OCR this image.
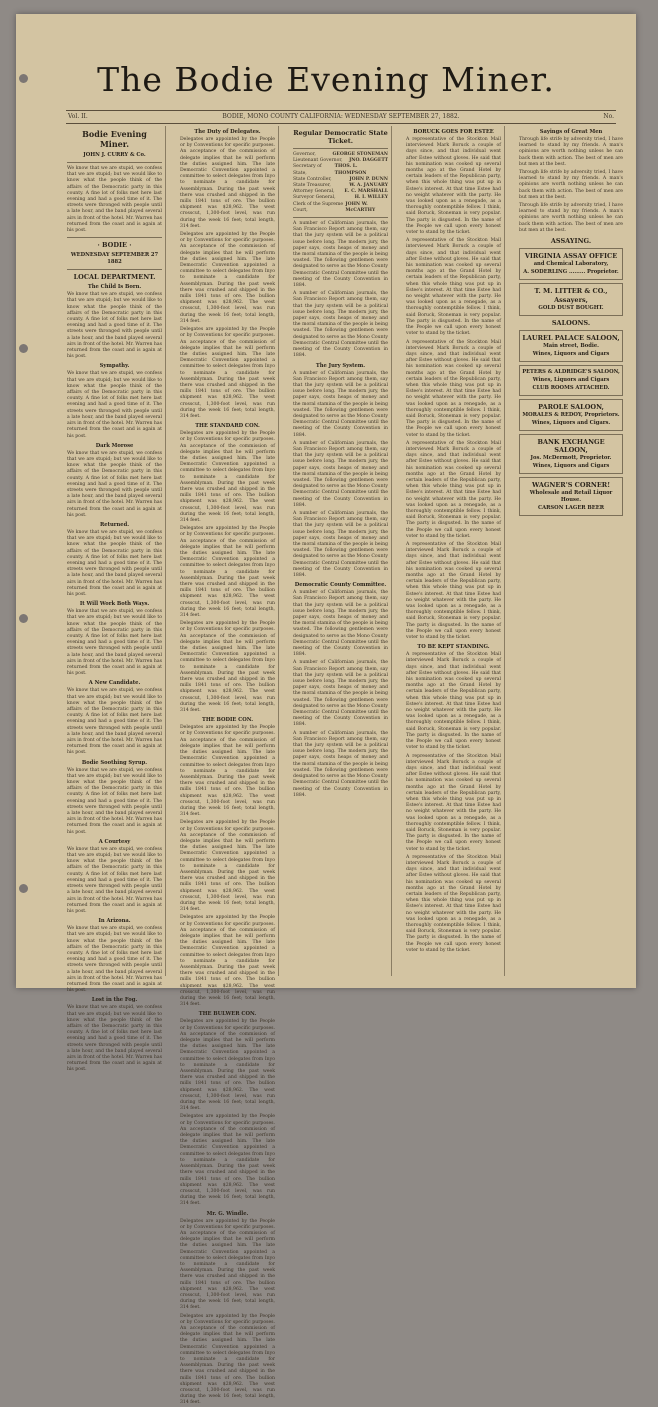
The Bodie Evening Miner.
Vol. II.	BODIE, MONO COUNTY CALIFORNIA: WEDNESDAY SEPTEMBER 27, 1882.	No.
Bodie Evening Miner.
JOHN J. CURRY & Co.

We know that we are stupid, we confess that we are stupid; but we would like to know what the people think of the affairs of the Democratic party in this county. A fine lot of folks met here last evening and had a good time of it. The streets were thronged with people until a late hour, and the band played several airs in front of the hotel. Mr. Warren has returned from the coast and is again at his post.

· BODIE ·
WEDNESDAY SEPTEMBER 27 1882
LOCAL DEPARTMENT.
The Child Is Born.

We know that we are stupid, we confess that we are stupid; but we would like to know what the people think of the affairs of the Democratic party in this county. A fine lot of folks met here last evening and had a good time of it. The streets were thronged with people until a late hour, and the band played several airs in front of the hotel. Mr. Warren has returned from the coast and is again at his post.

Sympathy.

We know that we are stupid, we confess that we are stupid; but we would like to know what the people think of the affairs of the Democratic party in this county. A fine lot of folks met here last evening and had a good time of it. The streets were thronged with people until a late hour, and the band played several airs in front of the hotel. Mr. Warren has returned from the coast and is again at his post.

Dark Morose

We know that we are stupid, we confess that we are stupid; but we would like to know what the people think of the affairs of the Democratic party in this county. A fine lot of folks met here last evening and had a good time of it. The streets were thronged with people until a late hour, and the band played several airs in front of the hotel. Mr. Warren has returned from the coast and is again at his post.

Returned.

We know that we are stupid, we confess that we are stupid; but we would like to know what the people think of the affairs of the Democratic party in this county. A fine lot of folks met here last evening and had a good time of it. The streets were thronged with people until a late hour, and the band played several airs in front of the hotel. Mr. Warren has returned from the coast and is again at his post.

It Will Work Both Ways.

We know that we are stupid, we confess that we are stupid; but we would like to know what the people think of the affairs of the Democratic party in this county. A fine lot of folks met here last evening and had a good time of it. The streets were thronged with people until a late hour, and the band played several airs in front of the hotel. Mr. Warren has returned from the coast and is again at his post.

A New Candidate.

We know that we are stupid, we confess that we are stupid; but we would like to know what the people think of the affairs of the Democratic party in this county. A fine lot of folks met here last evening and had a good time of it. The streets were thronged with people until a late hour, and the band played several airs in front of the hotel. Mr. Warren has returned from the coast and is again at his post.

Bodie Soothing Syrup.

We know that we are stupid, we confess that we are stupid; but we would like to know what the people think of the affairs of the Democratic party in this county. A fine lot of folks met here last evening and had a good time of it. The streets were thronged with people until a late hour, and the band played several airs in front of the hotel. Mr. Warren has returned from the coast and is again at his post.

A Courtesy

We know that we are stupid, we confess that we are stupid; but we would like to know what the people think of the affairs of the Democratic party in this county. A fine lot of folks met here last evening and had a good time of it. The streets were thronged with people until a late hour, and the band played several airs in front of the hotel. Mr. Warren has returned from the coast and is again at his post.

In Arizona.

We know that we are stupid, we confess that we are stupid; but we would like to know what the people think of the affairs of the Democratic party in this county. A fine lot of folks met here last evening and had a good time of it. The streets were thronged with people until a late hour, and the band played several airs in front of the hotel. Mr. Warren has returned from the coast and is again at his post.

Lost in the Fog.

We know that we are stupid, we confess that we are stupid; but we would like to know what the people think of the affairs of the Democratic party in this county. A fine lot of folks met here last evening and had a good time of it. The streets were thronged with people until a late hour, and the band played several airs in front of the hotel. Mr. Warren has returned from the coast and is again at his post.

The Duty of Delegates.

Delegates are appointed by the People or by Conventions for specific purposes. An acceptance of the commission of delegate implies that he will perform the duties assigned him. The late Democratic Convention appointed a committee to select delegates from Inyo to nominate a candidate for Assemblyman. During the past week there was crushed and shipped in the mills 1841 tons of ore. The bullion shipment was $28,962. The west crosscut, 1,300-foot level, was run during the week 16 feet; total length, 314 feet.

Delegates are appointed by the People or by Conventions for specific purposes. An acceptance of the commission of delegate implies that he will perform the duties assigned him. The late Democratic Convention appointed a committee to select delegates from Inyo to nominate a candidate for Assemblyman. During the past week there was crushed and shipped in the mills 1841 tons of ore. The bullion shipment was $28,962. The west crosscut, 1,300-foot level, was run during the week 16 feet; total length, 314 feet.

Delegates are appointed by the People or by Conventions for specific purposes. An acceptance of the commission of delegate implies that he will perform the duties assigned him. The late Democratic Convention appointed a committee to select delegates from Inyo to nominate a candidate for Assemblyman. During the past week there was crushed and shipped in the mills 1841 tons of ore. The bullion shipment was $28,962. The west crosscut, 1,300-foot level, was run during the week 16 feet; total length, 314 feet.

THE STANDARD CON.

Delegates are appointed by the People or by Conventions for specific purposes. An acceptance of the commission of delegate implies that he will perform the duties assigned him. The late Democratic Convention appointed a committee to select delegates from Inyo to nominate a candidate for Assemblyman. During the past week there was crushed and shipped in the mills 1841 tons of ore. The bullion shipment was $28,962. The west crosscut, 1,300-foot level, was run during the week 16 feet; total length, 314 feet.

Delegates are appointed by the People or by Conventions for specific purposes. An acceptance of the commission of delegate implies that he will perform the duties assigned him. The late Democratic Convention appointed a committee to select delegates from Inyo to nominate a candidate for Assemblyman. During the past week there was crushed and shipped in the mills 1841 tons of ore. The bullion shipment was $28,962. The west crosscut, 1,300-foot level, was run during the week 16 feet; total length, 314 feet.

Delegates are appointed by the People or by Conventions for specific purposes. An acceptance of the commission of delegate implies that he will perform the duties assigned him. The late Democratic Convention appointed a committee to select delegates from Inyo to nominate a candidate for Assemblyman. During the past week there was crushed and shipped in the mills 1841 tons of ore. The bullion shipment was $28,962. The west crosscut, 1,300-foot level, was run during the week 16 feet; total length, 314 feet.

THE BODIE CON.

Delegates are appointed by the People or by Conventions for specific purposes. An acceptance of the commission of delegate implies that he will perform the duties assigned him. The late Democratic Convention appointed a committee to select delegates from Inyo to nominate a candidate for Assemblyman. During the past week there was crushed and shipped in the mills 1841 tons of ore. The bullion shipment was $28,962. The west crosscut, 1,300-foot level, was run during the week 16 feet; total length, 314 feet.

Delegates are appointed by the People or by Conventions for specific purposes. An acceptance of the commission of delegate implies that he will perform the duties assigned him. The late Democratic Convention appointed a committee to select delegates from Inyo to nominate a candidate for Assemblyman. During the past week there was crushed and shipped in the mills 1841 tons of ore. The bullion shipment was $28,962. The west crosscut, 1,300-foot level, was run during the week 16 feet; total length, 314 feet.

Delegates are appointed by the People or by Conventions for specific purposes. An acceptance of the commission of delegate implies that he will perform the duties assigned him. The late Democratic Convention appointed a committee to select delegates from Inyo to nominate a candidate for Assemblyman. During the past week there was crushed and shipped in the mills 1841 tons of ore. The bullion shipment was $28,962. The west crosscut, 1,300-foot level, was run during the week 16 feet; total length, 314 feet.

THE BULWER CON.

Delegates are appointed by the People or by Conventions for specific purposes. An acceptance of the commission of delegate implies that he will perform the duties assigned him. The late Democratic Convention appointed a committee to select delegates from Inyo to nominate a candidate for Assemblyman. During the past week there was crushed and shipped in the mills 1841 tons of ore. The bullion shipment was $28,962. The west crosscut, 1,300-foot level, was run during the week 16 feet; total length, 314 feet.

Delegates are appointed by the People or by Conventions for specific purposes. An acceptance of the commission of delegate implies that he will perform the duties assigned him. The late Democratic Convention appointed a committee to select delegates from Inyo to nominate a candidate for Assemblyman. During the past week there was crushed and shipped in the mills 1841 tons of ore. The bullion shipment was $28,962. The west crosscut, 1,300-foot level, was run during the week 16 feet; total length, 314 feet.

Mr. G. Windle.

Delegates are appointed by the People or by Conventions for specific purposes. An acceptance of the commission of delegate implies that he will perform the duties assigned him. The late Democratic Convention appointed a committee to select delegates from Inyo to nominate a candidate for Assemblyman. During the past week there was crushed and shipped in the mills 1841 tons of ore. The bullion shipment was $28,962. The west crosscut, 1,300-foot level, was run during the week 16 feet; total length, 314 feet.

Delegates are appointed by the People or by Conventions for specific purposes. An acceptance of the commission of delegate implies that he will perform the duties assigned him. The late Democratic Convention appointed a committee to select delegates from Inyo to nominate a candidate for Assemblyman. During the past week there was crushed and shipped in the mills 1841 tons of ore. The bullion shipment was $28,962. The west crosscut, 1,300-foot level, was run during the week 16 feet; total length, 314 feet.

Regular Democratic State Ticket.
Governor,	GEORGE STONEMAN
Lieutenant Governor, JNO. DAGGETT
Secretary of State,
THOS. L. THOMPSON
State Controller,	JOHN P. DUNN
State Treasurer,	W. A. JANUARY
Attorney General, E. C. MARSHALL
Surveyor General,	H. I. WILLEY
Clerk of the Supreme Court,
JOHN W. McCARTHY

A number of Californian journals, the San Francisco Report among them, say that the jury system will be a political issue before long. The modern jury, the paper says, costs heaps of money and the moral stamina of the people is being wasted. The following gentlemen were designated to serve as the Mono County Democratic Central Committee until the meeting of the County Convention in 1884.

A number of Californian journals, the San Francisco Report among them, say that the jury system will be a political issue before long. The modern jury, the paper says, costs heaps of money and the moral stamina of the people is being wasted. The following gentlemen were designated to serve as the Mono County Democratic Central Committee until the meeting of the County Convention in 1884.

The Jury System.

A number of Californian journals, the San Francisco Report among them, say that the jury system will be a political issue before long. The modern jury, the paper says, costs heaps of money and the moral stamina of the people is being wasted. The following gentlemen were designated to serve as the Mono County Democratic Central Committee until the meeting of the County Convention in 1884.

A number of Californian journals, the San Francisco Report among them, say that the jury system will be a political issue before long. The modern jury, the paper says, costs heaps of money and the moral stamina of the people is being wasted. The following gentlemen were designated to serve as the Mono County Democratic Central Committee until the meeting of the County Convention in 1884.

A number of Californian journals, the San Francisco Report among them, say that the jury system will be a political issue before long. The modern jury, the paper says, costs heaps of money and the moral stamina of the people is being wasted. The following gentlemen were designated to serve as the Mono County Democratic Central Committee until the meeting of the County Convention in 1884.

Democratic County Committee.

A number of Californian journals, the San Francisco Report among them, say that the jury system will be a political issue before long. The modern jury, the paper says, costs heaps of money and the moral stamina of the people is being wasted. The following gentlemen were designated to serve as the Mono County Democratic Central Committee until the meeting of the County Convention in 1884.

A number of Californian journals, the San Francisco Report among them, say that the jury system will be a political issue before long. The modern jury, the paper says, costs heaps of money and the moral stamina of the people is being wasted. The following gentlemen were designated to serve as the Mono County Democratic Central Committee until the meeting of the County Convention in 1884.

A number of Californian journals, the San Francisco Report among them, say that the jury system will be a political issue before long. The modern jury, the paper says, costs heaps of money and the moral stamina of the people is being wasted. The following gentlemen were designated to serve as the Mono County Democratic Central Committee until the meeting of the County Convention in 1884.

BORUCK GOES FOR ESTEE

A representative of the Stockton Mail interviewed Mark Boruck a couple of days since, and that individual went after Estee without gloves. He said that his nomination was cooked up several months ago at the Grand Hotel by certain leaders of the Republican party, when this whole thing was put up in Estee's interest. At that time Estee had no weight whatever with the party. He was looked upon as a renegade, as a thoroughly contemptible fellow. I think, said Boruck, Stoneman is very popular. The party is disgusted. In the name of the People we call upon every honest voter to stand by the ticket.

A representative of the Stockton Mail interviewed Mark Boruck a couple of days since, and that individual went after Estee without gloves. He said that his nomination was cooked up several months ago at the Grand Hotel by certain leaders of the Republican party, when this whole thing was put up in Estee's interest. At that time Estee had no weight whatever with the party. He was looked upon as a renegade, as a thoroughly contemptible fellow. I think, said Boruck, Stoneman is very popular. The party is disgusted. In the name of the People we call upon every honest voter to stand by the ticket.

A representative of the Stockton Mail interviewed Mark Boruck a couple of days since, and that individual went after Estee without gloves. He said that his nomination was cooked up several months ago at the Grand Hotel by certain leaders of the Republican party, when this whole thing was put up in Estee's interest. At that time Estee had no weight whatever with the party. He was looked upon as a renegade, as a thoroughly contemptible fellow. I think, said Boruck, Stoneman is very popular. The party is disgusted. In the name of the People we call upon every honest voter to stand by the ticket.

A representative of the Stockton Mail interviewed Mark Boruck a couple of days since, and that individual went after Estee without gloves. He said that his nomination was cooked up several months ago at the Grand Hotel by certain leaders of the Republican party, when this whole thing was put up in Estee's interest. At that time Estee had no weight whatever with the party. He was looked upon as a renegade, as a thoroughly contemptible fellow. I think, said Boruck, Stoneman is very popular. The party is disgusted. In the name of the People we call upon every honest voter to stand by the ticket.

A representative of the Stockton Mail interviewed Mark Boruck a couple of days since, and that individual went after Estee without gloves. He said that his nomination was cooked up several months ago at the Grand Hotel by certain leaders of the Republican party, when this whole thing was put up in Estee's interest. At that time Estee had no weight whatever with the party. He was looked upon as a renegade, as a thoroughly contemptible fellow. I think, said Boruck, Stoneman is very popular. The party is disgusted. In the name of the People we call upon every honest voter to stand by the ticket.

TO BE KEPT STANDING.

A representative of the Stockton Mail interviewed Mark Boruck a couple of days since, and that individual went after Estee without gloves. He said that his nomination was cooked up several months ago at the Grand Hotel by certain leaders of the Republican party, when this whole thing was put up in Estee's interest. At that time Estee had no weight whatever with the party. He was looked upon as a renegade, as a thoroughly contemptible fellow. I think, said Boruck, Stoneman is very popular. The party is disgusted. In the name of the People we call upon every honest voter to stand by the ticket.

A representative of the Stockton Mail interviewed Mark Boruck a couple of days since, and that individual went after Estee without gloves. He said that his nomination was cooked up several months ago at the Grand Hotel by certain leaders of the Republican party, when this whole thing was put up in Estee's interest. At that time Estee had no weight whatever with the party. He was looked upon as a renegade, as a thoroughly contemptible fellow. I think, said Boruck, Stoneman is very popular. The party is disgusted. In the name of the People we call upon every honest voter to stand by the ticket.

A representative of the Stockton Mail interviewed Mark Boruck a couple of days since, and that individual went after Estee without gloves. He said that his nomination was cooked up several months ago at the Grand Hotel by certain leaders of the Republican party, when this whole thing was put up in Estee's interest. At that time Estee had no weight whatever with the party. He was looked upon as a renegade, as a thoroughly contemptible fellow. I think, said Boruck, Stoneman is very popular. The party is disgusted. In the name of the People we call upon every honest voter to stand by the ticket.

Sayings of Great Men

Through life strife by adversity tried, I have learned to stand by my friends. A man's opinions are worth nothing unless he can back them with action. The best of men are but men at the best.

Through life strife by adversity tried, I have learned to stand by my friends. A man's opinions are worth nothing unless he can back them with action. The best of men are but men at the best.

Through life strife by adversity tried, I have learned to stand by my friends. A man's opinions are worth nothing unless he can back them with action. The best of men are but men at the best.

ASSAYING.
VIRGINIA ASSAY OFFICE
and Chemical Laboratory,
A. SODERLING ......... Proprietor.
T. M. LITTER & CO.,
Assayers,
GOLD DUST BOUGHT.
SALOONS.
LAUREL PALACE SALOON,
Main street, Bodie.
Wines, Liquors and Cigars
PETERS & ALDRIDGE'S SALOON,
Wines, Liquors and Cigars
CLUB ROOMS ATTACHED.
PAROLE SALOON,
MORALES & REDOY, Proprietors.
Wines, Liquors and Cigars.
BANK EXCHANGE SALOON,
Jos. McDermott, Proprietor.
Wines, Liquors and Cigars
WAGNER'S CORNER!
Wholesale and Retail Liquor House.
CARSON LAGER BEER
